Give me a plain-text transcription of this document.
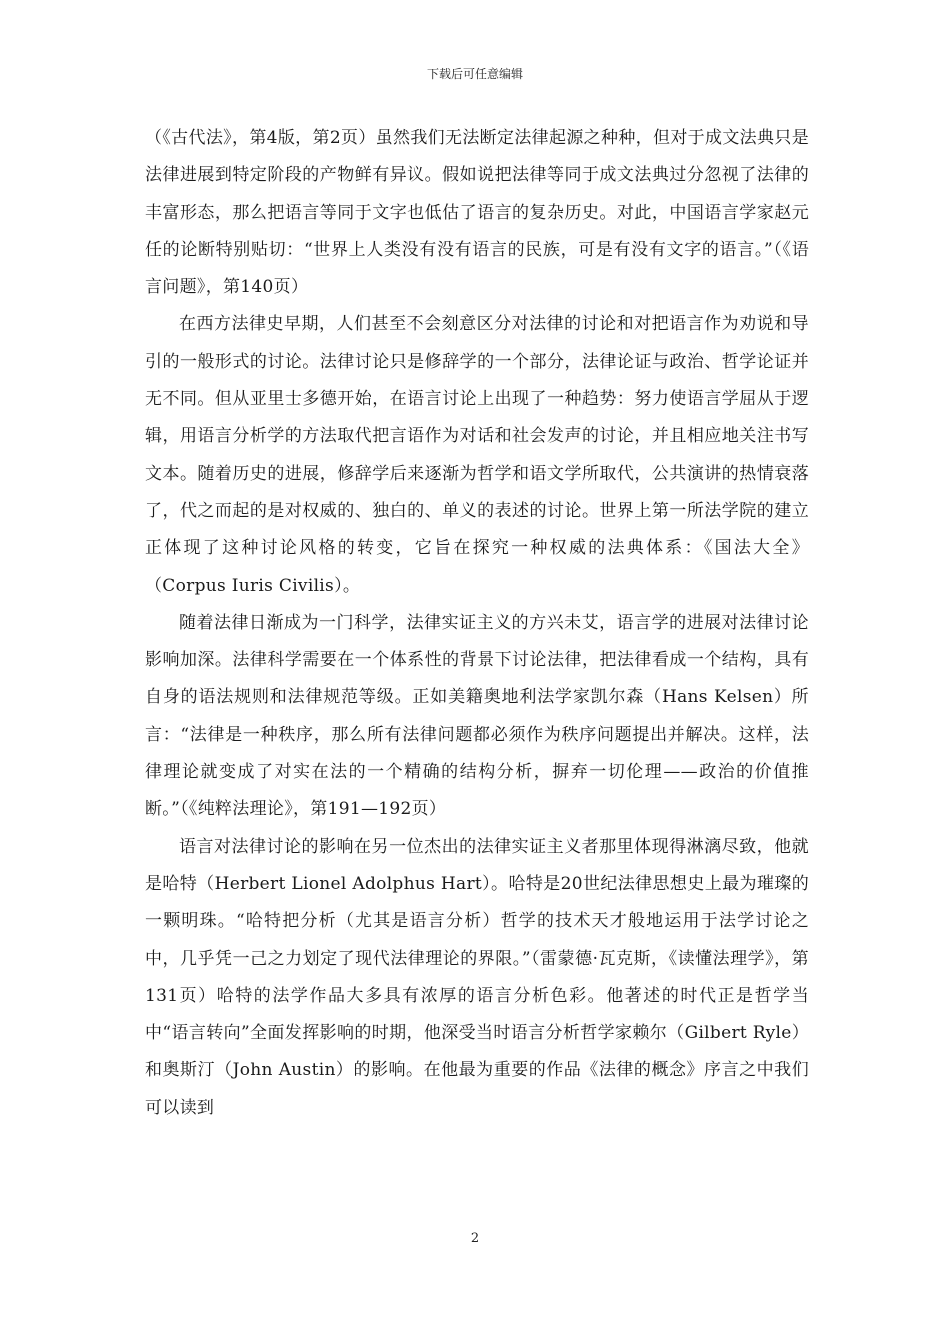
下载后可任意编辑

（《古代法》，第4版，第2页）虽然我们无法断定法律起源之种种，但对于成文法典只是法律进展到特定阶段的产物鲜有异议。假如说把法律等同于成文法典过分忽视了法律的丰富形态，那么把语言等同于文字也低估了语言的复杂历史。对此，中国语言学家赵元任的论断特别贴切：“世界上人类没有没有语言的民族，可是有没有文字的语言。”（《语言问题》，第140页）

在西方法律史早期，人们甚至不会刻意区分对法律的讨论和对把语言作为劝说和导引的一般形式的讨论。法律讨论只是修辞学的一个部分，法律论证与政治、哲学论证并无不同。但从亚里士多德开始，在语言讨论上出现了一种趋势：努力使语言学屈从于逻辑，用语言分析学的方法取代把言语作为对话和社会发声的讨论，并且相应地关注书写文本。随着历史的进展，修辞学后来逐渐为哲学和语文学所取代，公共演讲的热情衰落了，代之而起的是对权威的、独白的、单义的表述的讨论。世界上第一所法学院的建立正体现了这种讨论风格的转变，它旨在探究一种权威的法典体系：《国法大全》（Corpus Iuris Civilis）。

随着法律日渐成为一门科学，法律实证主义的方兴未艾，语言学的进展对法律讨论影响加深。法律科学需要在一个体系性的背景下讨论法律，把法律看成一个结构，具有自身的语法规则和法律规范等级。正如美籍奥地利法学家凯尔森（Hans Kelsen）所言：“法律是一种秩序，那么所有法律问题都必须作为秩序问题提出并解决。这样，法律理论就变成了对实在法的一个精确的结构分析，摒弃一切伦理——政治的价值推断。”（《纯粹法理论》，第191—192页）

语言对法律讨论的影响在另一位杰出的法律实证主义者那里体现得淋漓尽致，他就是哈特（Herbert Lionel Adolphus Hart）。哈特是20世纪法律思想史上最为璀璨的一颗明珠。“哈特把分析（尤其是语言分析）哲学的技术天才般地运用于法学讨论之中，几乎凭一己之力划定了现代法律理论的界限。”（雷蒙德·瓦克斯，《读懂法理学》，第131页）哈特的法学作品大多具有浓厚的语言分析色彩。他著述的时代正是哲学当中“语言转向”全面发挥影响的时期，他深受当时语言分析哲学家赖尔（Gilbert Ryle）和奥斯汀（John Austin）的影响。在他最为重要的作品《法律的概念》序言之中我们可以读到

2
